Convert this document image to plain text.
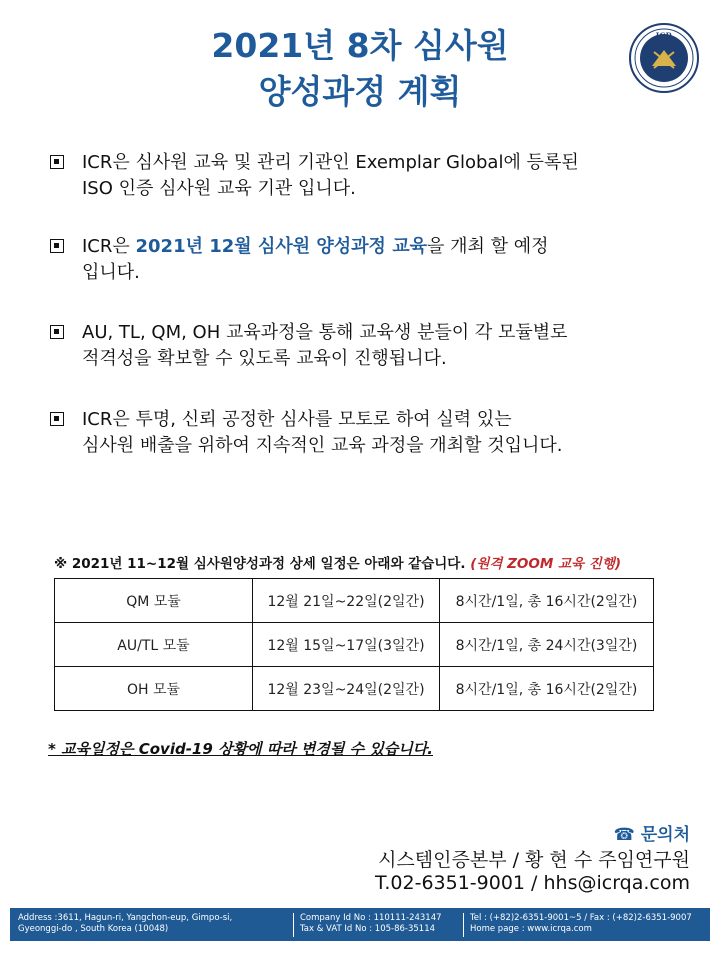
2021년 8차 심사원
양성과정 계획
ICR
ICR은 심사원 교육 및 관리 기관인 Exemplar Global에 등록된
ISO 인증 심사원 교육 기관 입니다.
ICR은 2021년 12월 심사원 양성과정 교육을 개최 할 예정
입니다.
AU, TL, QM, OH 교육과정을 통해 교육생 분들이 각 모듈별로
적격성을 확보할 수 있도록 교육이 진행됩니다.
ICR은 투명, 신뢰 공정한 심사를 모토로 하여 실력 있는
심사원 배출을 위하여 지속적인 교육 과정을 개최할 것입니다.
※ 2021년 11~12월 심사원양성과정 상세 일정은 아래와 같습니다. (원격 ZOOM 교육 진행)
QM 모듈	12월 21일~22일(2일간)	8시간/1일, 총 16시간(2일간)
AU/TL 모듈	12월 15일~17일(3일간)	8시간/1일, 총 24시간(3일간)
OH 모듈	12월 23일~24일(2일간)	8시간/1일, 총 16시간(2일간)
* 교육일정은 Covid-19 상황에 따라 변경될 수 있습니다.
☎ 문의처
시스템인증본부 / 황 현 수 주임연구원
T.02-6351-9001 / hhs@icrqa.com
Address :3611, Hagun-ri, Yangchon-eup, Gimpo-si,
Gyeonggi-do , South Korea (10048)
Company Id No : 110111-243147
Tax & VAT Id No : 105-86-35114
Tel : (+82)2-6351-9001~5 / Fax : (+82)2-6351-9007
Home page : www.icrqa.com
